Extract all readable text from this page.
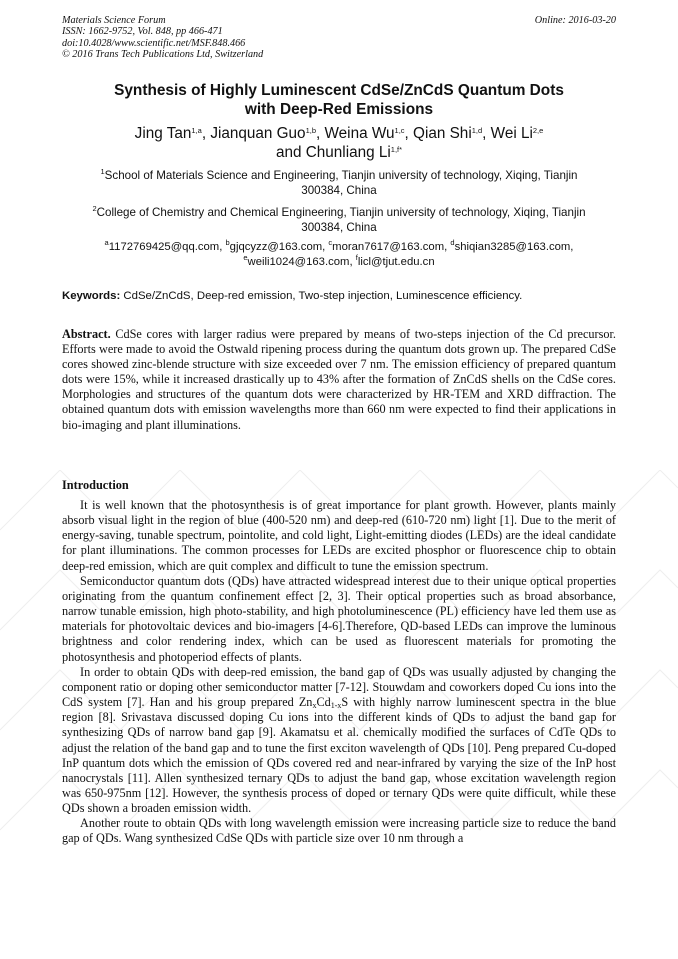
Materials Science Forum
ISSN: 1662-9752, Vol. 848, pp 466-471
doi:10.4028/www.scientific.net/MSF.848.466
© 2016 Trans Tech Publications Ltd, Switzerland
Online: 2016-03-20
Synthesis of Highly Luminescent CdSe/ZnCdS Quantum Dots
with Deep-Red Emissions
Jing Tan$^{1,a}$, Jianquan Guo$^{1,b}$, Weina Wu$^{1,c}$, Qian Shi$^{1,d}$, Wei Li$^{2,e}$
and Chunliang $Li^{1,f*}$
$^1$School of Materials Science and Engineering, Tianjin university of technology, Xiqing, Tianjin
300384, China
$^2$College of Chemistry and Chemical Engineering, Tianjin university of technology, Xiqing, Tianjin
300384, China
$^a$1172769425@qq.com, $^b$gjqcyzz@163.com, $^c$moran7617@163.com, $^d$shiqian3285@163.com,
$^e$weili1024@163.com, $^f$licl@tjut.edu.cn
Keywords: CdSe/ZnCdS, Deep-red emission, Two-step injection, Luminescence efficiency.
Abstract. CdSe cores with larger radius were prepared by means of two-steps injection of the Cd precursor. Efforts were made to avoid the Ostwald ripening process during the quantum dots grown up. The prepared CdSe cores showed zinc-blende structure with size exceeded over 7 nm. The emission efficiency of prepared quantum dots were 15%, while it increased drastically up to 43% after the formation of ZnCdS shells on the CdSe cores. Morphologies and structures of the quantum dots were characterized by HR-TEM and XRD diffraction. The obtained quantum dots with emission wavelengths more than 660 nm were expected to find their applications in bio-imaging and plant illuminations.
Introduction

It is well known that the photosynthesis is of great importance for plant growth. However, plants mainly absorb visual light in the region of blue (400-520 nm) and deep-red (610-720 nm) light [1]. Due to the merit of energy-saving, tunable spectrum, pointolite, and cold light, Light-emitting diodes (LEDs) are the ideal candidate for plant illuminations. The common processes for LEDs are excited phosphor or fluorescence chip to obtain deep-red emission, which are quit complex and difficult to tune the emission spectrum.

Semiconductor quantum dots (QDs) have attracted widespread interest due to their unique optical properties originating from the quantum confinement effect [2, 3]. Their optical properties such as broad absorbance, narrow tunable emission, high photo-stability, and high photoluminescence (PL) efficiency have led them use as materials for photovoltaic devices and bio-imagers [4-6].Therefore, QD-based LEDs can improve the luminous brightness and color rendering index, which can be used as fluorescent materials for promoting the photosynthesis and photoperiod effects of plants.

In order to obtain QDs with deep-red emission, the band gap of QDs was usually adjusted by changing the component ratio or doping other semiconductor matter [7-12]. Stouwdam and coworkers doped Cu ions into the CdS system [7]. Han and his group prepared $Zn_xCd_{1-x}S$ with highly narrow luminescent spectra in the blue region [8]. Srivastava discussed doping Cu ions into the different kinds of QDs to adjust the band gap for synthesizing QDs of narrow band gap [9]. Akamatsu et al. chemically modified the surfaces of CdTe QDs to adjust the relation of the band gap and to tune the first exciton wavelength of QDs [10]. Peng prepared Cu-doped InP quantum dots which the emission of QDs covered red and near-infrared by varying the size of the InP host nanocrystals [11]. Allen synthesized ternary QDs to adjust the band gap, whose excitation wavelength region was 650-975nm [12]. However, the synthesis process of doped or ternary QDs were quite difficult, while these QDs shown a broaden emission width.

Another route to obtain QDs with long wavelength emission were increasing particle size to reduce the band gap of QDs. Wang synthesized CdSe QDs with particle size over 10 nm through a
